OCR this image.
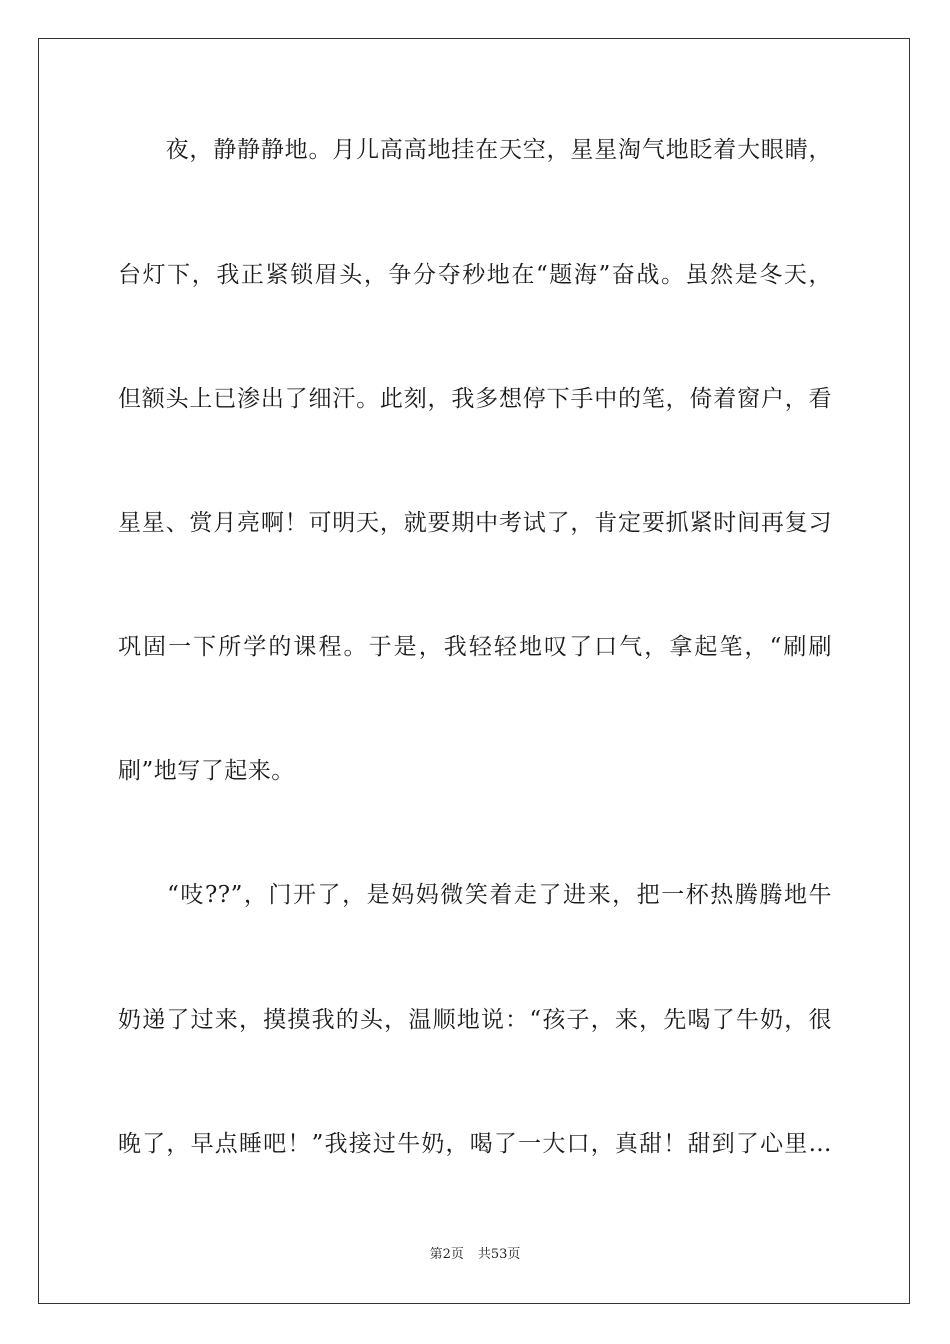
　　夜，静静静地。月儿高高地挂在天空，星星淘气地眨着大眼睛，
台灯下，我正紧锁眉头，争分夺秒地在“题海”奋战。虽然是冬天，
但额头上已渗出了细汗。此刻，我多想停下手中的笔，倚着窗户，看
星星、赏月亮啊！可明天，就要期中考试了，肯定要抓紧时间再复习
巩固一下所学的课程。于是，我轻轻地叹了口气，拿起笔，“刷刷
刷”地写了起来。
　　“吱??”，门开了，是妈妈微笑着走了进来，把一杯热腾腾地牛
奶递了过来，摸摸我的头，温顺地说：“孩子，来，先喝了牛奶，很
晚了，早点睡吧！”我接过牛奶，喝了一大口，真甜！甜到了心里…
第2页 共53页
